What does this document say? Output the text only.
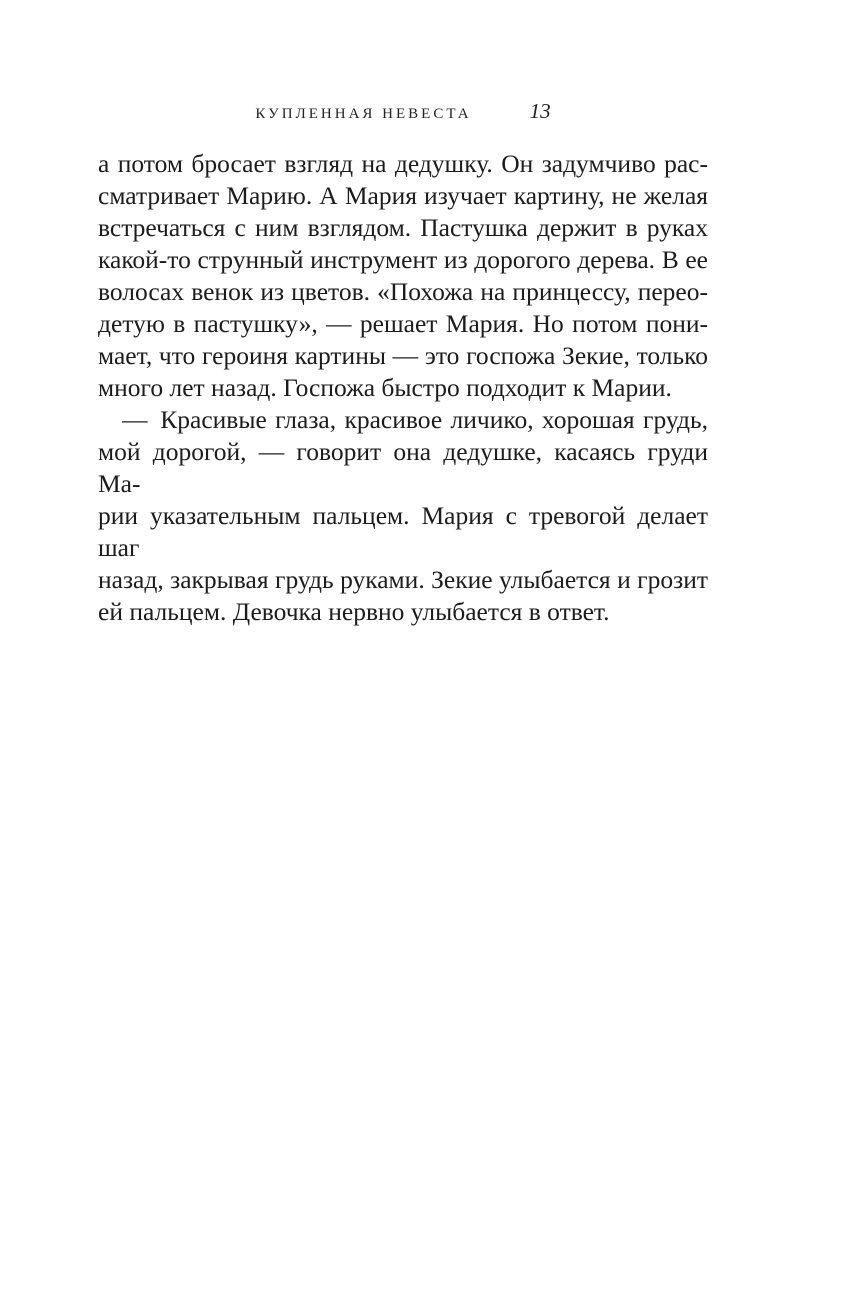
КУПЛЕННАЯ НЕВЕСТА	13
а потом бросает взгляд на дедушку. Он задумчиво рас-
сматривает Марию. А Мария изучает картину, не желая
встречаться с ним взглядом. Пастушка держит в руках
какой-то струнный инструмент из дорогого дерева. В ее
волосах венок из цветов. «Похожа на принцессу, перео-
детую в пастушку», — решает Мария. Но потом пони-
мает, что героиня картины — это госпожа Зекие, только
много лет назад. Госпожа быстро подходит к Марии.
— Красивые глаза, красивое личико, хорошая грудь,
мой дорогой, — говорит она дедушке, касаясь груди Ма-
рии указательным пальцем. Мария с тревогой делает шаг
назад, закрывая грудь руками. Зекие улыбается и грозит
ей пальцем. Девочка нервно улыбается в ответ.
